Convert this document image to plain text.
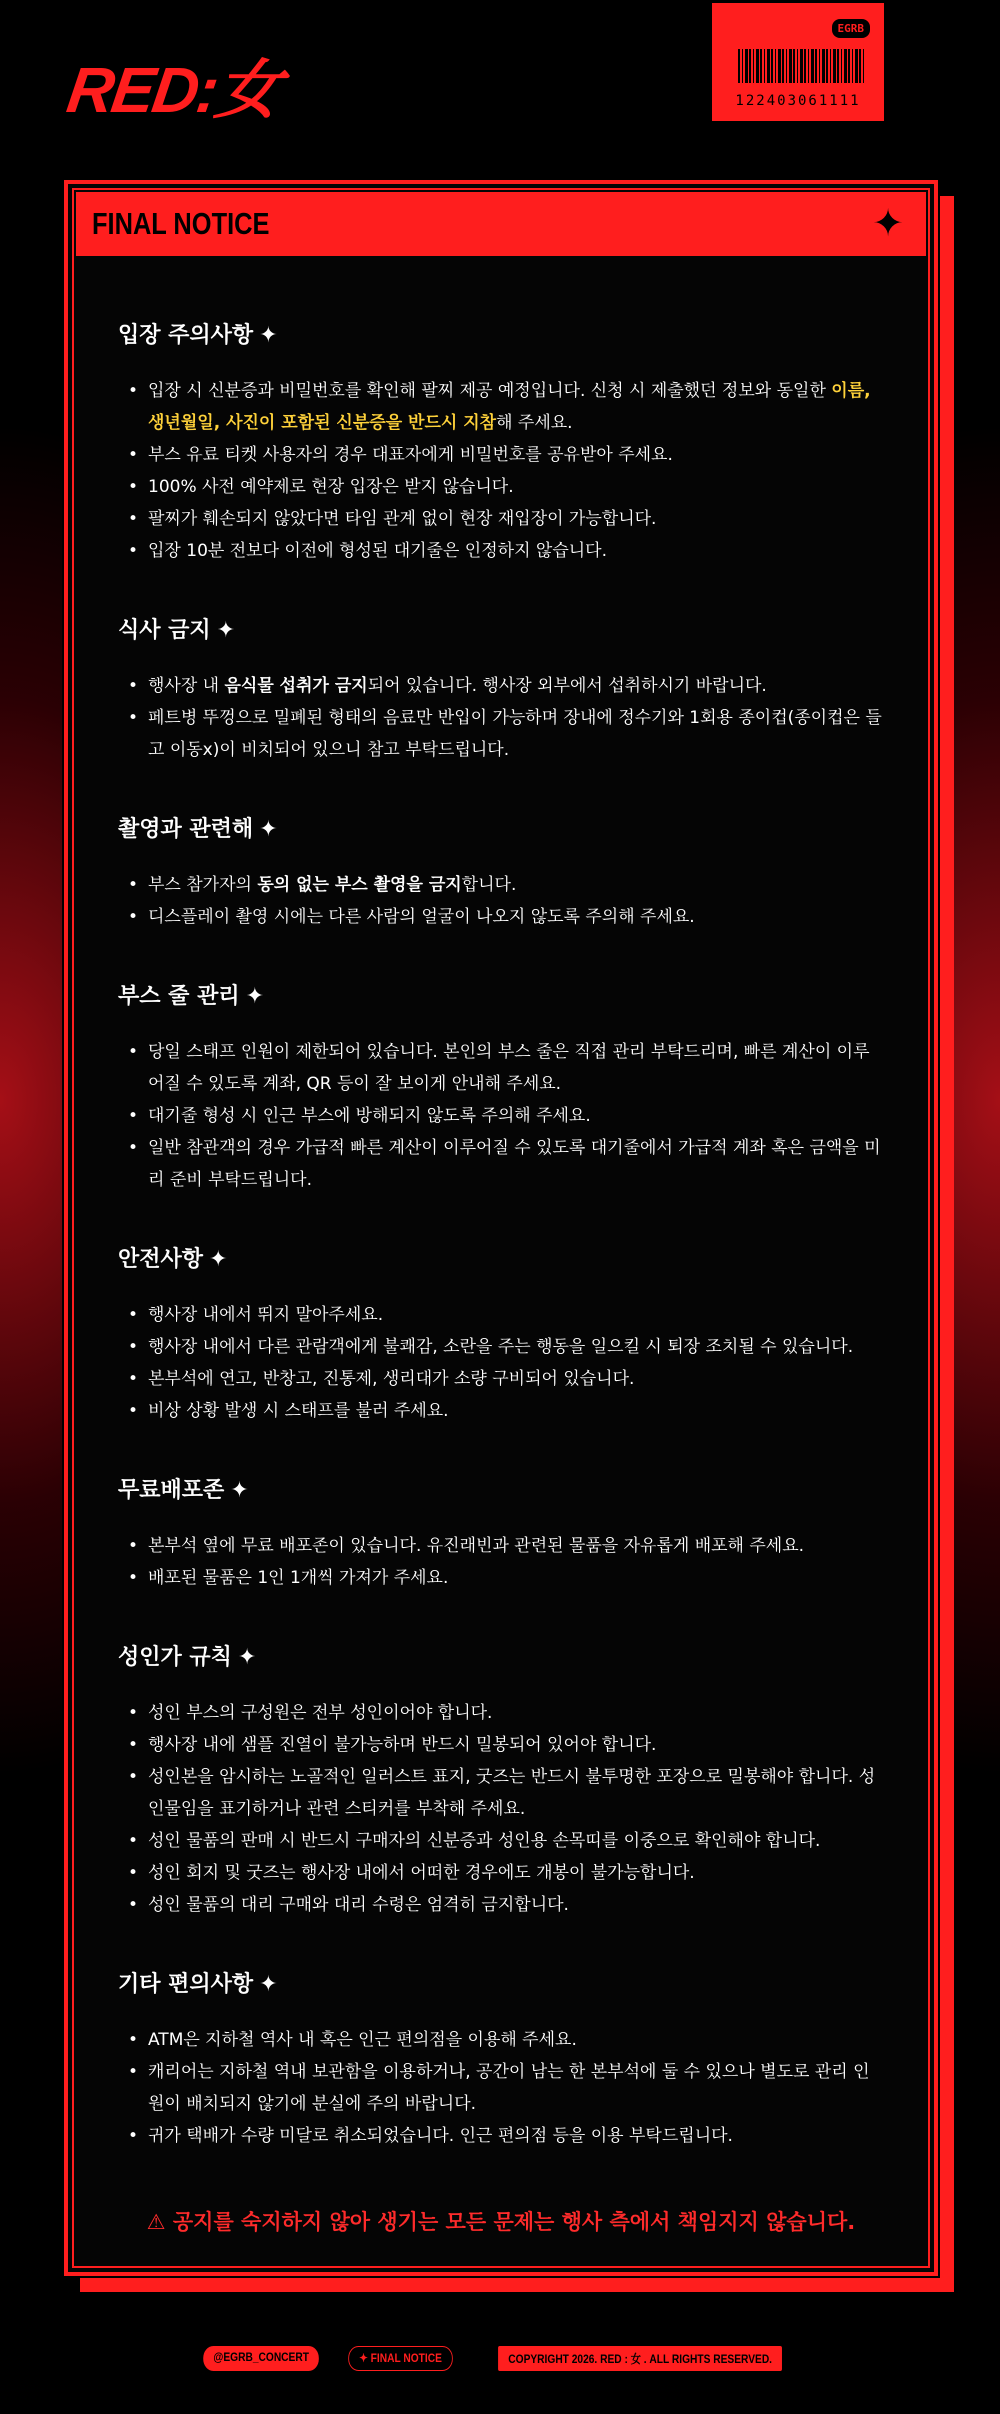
RED:女
EGRB
122403061111
FINAL NOTICE	✦
입장 주의사항 ✦
• 입장 시 신분증과 비밀번호를 확인해 팔찌 제공 예정입니다. 신청 시 제출했던 정보와 동일한 이름, 생년월일, 사진이 포함된 신분증을 반드시 지참해 주세요.
• 부스 유료 티켓 사용자의 경우 대표자에게 비밀번호를 공유받아 주세요.
• 100% 사전 예약제로 현장 입장은 받지 않습니다.
• 팔찌가 훼손되지 않았다면 타임 관계 없이 현장 재입장이 가능합니다.
• 입장 10분 전보다 이전에 형성된 대기줄은 인정하지 않습니다.
식사 금지 ✦
• 행사장 내 음식물 섭취가 금지되어 있습니다. 행사장 외부에서 섭취하시기 바랍니다.
• 페트병 뚜껑으로 밀폐된 형태의 음료만 반입이 가능하며 장내에 정수기와 1회용 종이컵(종이컵은 들고 이동x)이 비치되어 있으니 참고 부탁드립니다.
촬영과 관련해 ✦
• 부스 참가자의 동의 없는 부스 촬영을 금지합니다.
• 디스플레이 촬영 시에는 다른 사람의 얼굴이 나오지 않도록 주의해 주세요.
부스 줄 관리 ✦
• 당일 스태프 인원이 제한되어 있습니다. 본인의 부스 줄은 직접 관리 부탁드리며, 빠른 계산이 이루어질 수 있도록 계좌, QR 등이 잘 보이게 안내해 주세요.
• 대기줄 형성 시 인근 부스에 방해되지 않도록 주의해 주세요.
• 일반 참관객의 경우 가급적 빠른 계산이 이루어질 수 있도록 대기줄에서 가급적 계좌 혹은 금액을 미리 준비 부탁드립니다.
안전사항 ✦
• 행사장 내에서 뛰지 말아주세요.
• 행사장 내에서 다른 관람객에게 불쾌감, 소란을 주는 행동을 일으킬 시 퇴장 조치될 수 있습니다.
• 본부석에 연고, 반창고, 진통제, 생리대가 소량 구비되어 있습니다.
• 비상 상황 발생 시 스태프를 불러 주세요.
무료배포존 ✦
• 본부석 옆에 무료 배포존이 있습니다. 유진래빈과 관련된 물품을 자유롭게 배포해 주세요.
• 배포된 물품은 1인 1개씩 가져가 주세요.
성인가 규칙 ✦
• 성인 부스의 구성원은 전부 성인이어야 합니다.
• 행사장 내에 샘플 진열이 불가능하며 반드시 밀봉되어 있어야 합니다.
• 성인본을 암시하는 노골적인 일러스트 표지, 굿즈는 반드시 불투명한 포장으로 밀봉해야 합니다. 성인물임을 표기하거나 관련 스티커를 부착해 주세요.
• 성인 물품의 판매 시 반드시 구매자의 신분증과 성인용 손목띠를 이중으로 확인해야 합니다.
• 성인 회지 및 굿즈는 행사장 내에서 어떠한 경우에도 개봉이 불가능합니다.
• 성인 물품의 대리 구매와 대리 수령은 엄격히 금지합니다.
기타 편의사항 ✦
• ATM은 지하철 역사 내 혹은 인근 편의점을 이용해 주세요.
• 캐리어는 지하철 역내 보관함을 이용하거나, 공간이 남는 한 본부석에 둘 수 있으나 별도로 관리 인원이 배치되지 않기에 분실에 주의 바랍니다.
• 귀가 택배가 수량 미달로 취소되었습니다. 인근 편의점 등을 이용 부탁드립니다.
⚠ 공지를 숙지하지 않아 생기는 모든 문제는 행사 측에서 책임지지 않습니다.
@EGRB_CONCERT	✦ FINAL NOTICE	COPYRIGHT 2026. RED : 女 . ALL RIGHTS RESERVED.
